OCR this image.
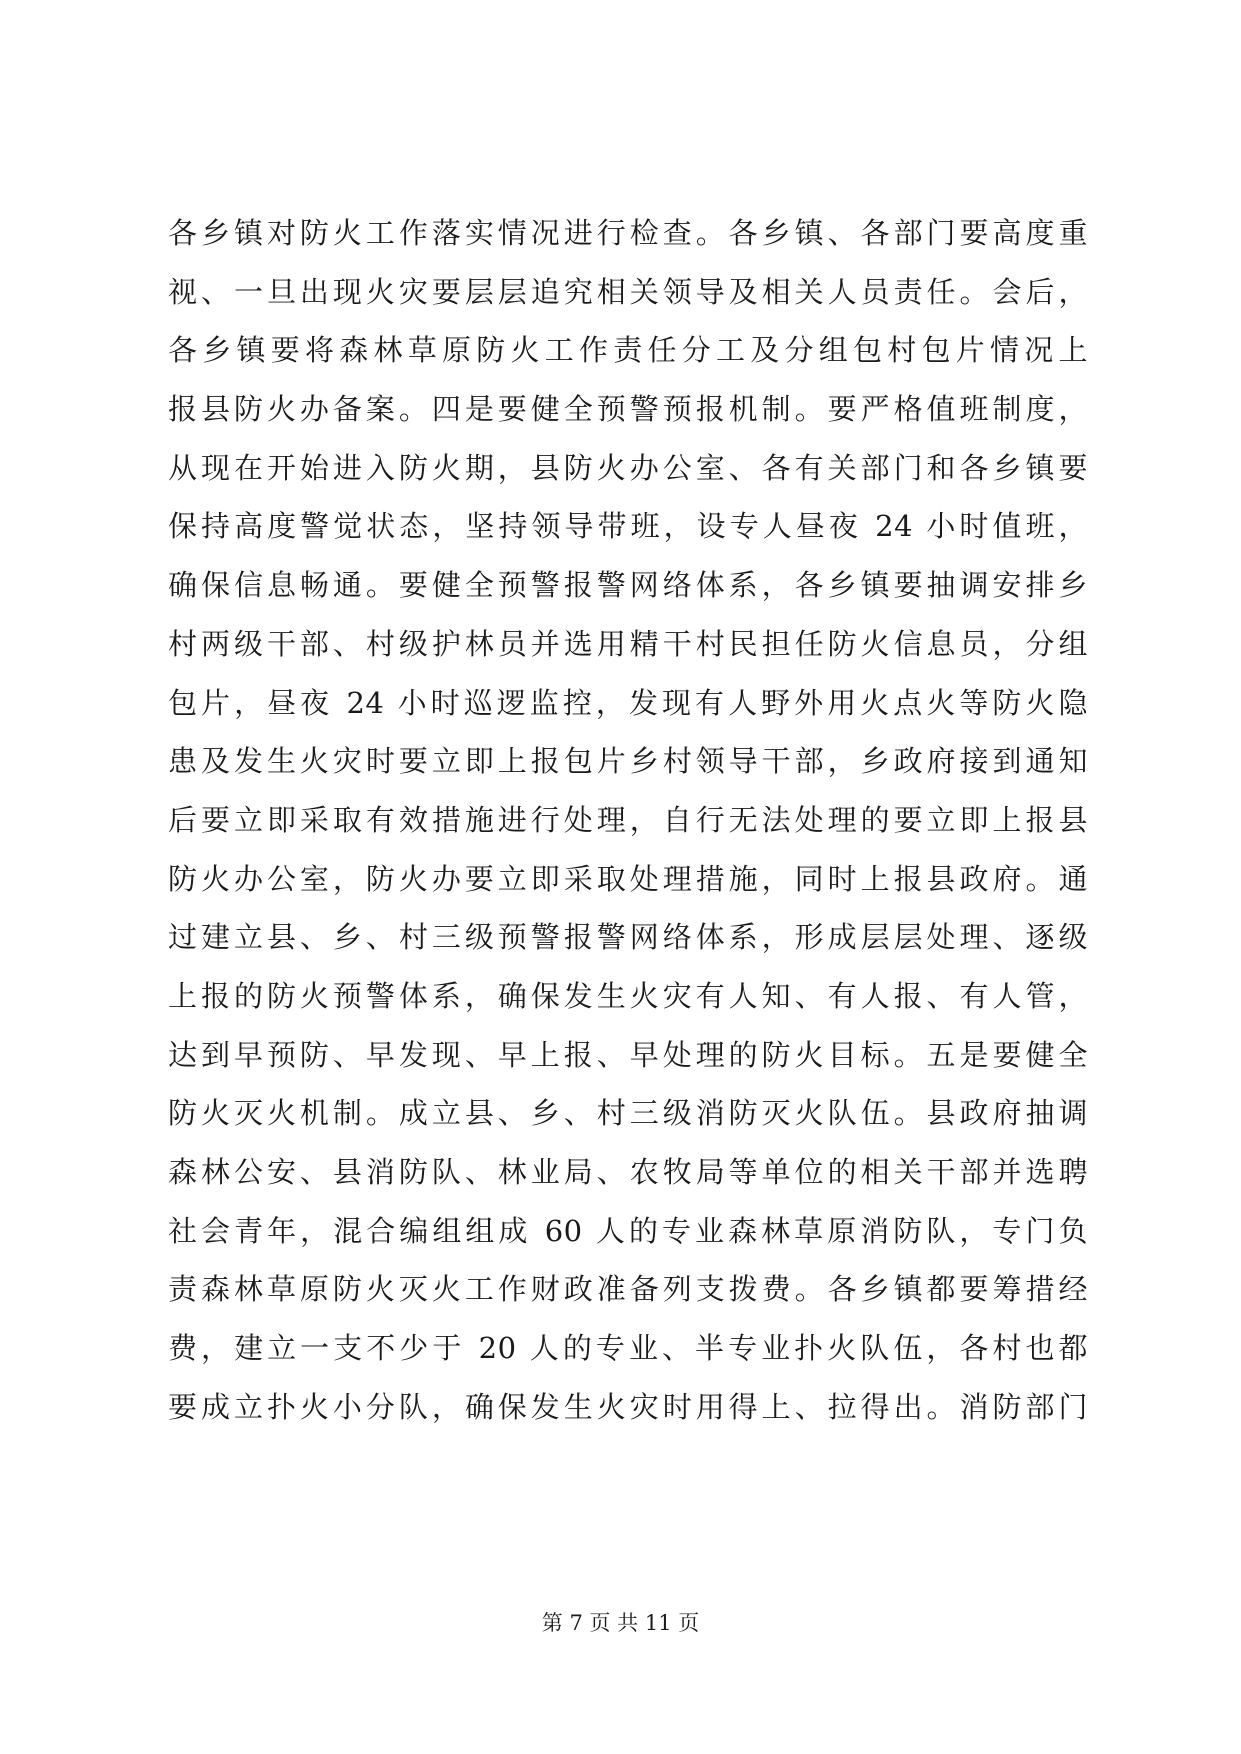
各乡镇对防火工作落实情况进行检查。各乡镇、各部门要高度重
视、一旦出现火灾要层层追究相关领导及相关人员责任。会后，
各乡镇要将森林草原防火工作责任分工及分组包村包片情况上
报县防火办备案。四是要健全预警预报机制。要严格值班制度，
从现在开始进入防火期，县防火办公室、各有关部门和各乡镇要
保持高度警觉状态，坚持领导带班，设专人昼夜 24 小时值班，
确保信息畅通。要健全预警报警网络体系，各乡镇要抽调安排乡
村两级干部、村级护林员并选用精干村民担任防火信息员，分组
包片，昼夜 24 小时巡逻监控，发现有人野外用火点火等防火隐
患及发生火灾时要立即上报包片乡村领导干部，乡政府接到通知
后要立即采取有效措施进行处理，自行无法处理的要立即上报县
防火办公室，防火办要立即采取处理措施，同时上报县政府。通
过建立县、乡、村三级预警报警网络体系，形成层层处理、逐级
上报的防火预警体系，确保发生火灾有人知、有人报、有人管，
达到早预防、早发现、早上报、早处理的防火目标。五是要健全
防火灭火机制。成立县、乡、村三级消防灭火队伍。县政府抽调
森林公安、县消防队、林业局、农牧局等单位的相关干部并选聘
社会青年，混合编组组成 60 人的专业森林草原消防队，专门负
责森林草原防火灭火工作财政准备列支拨费。各乡镇都要筹措经
费，建立一支不少于 20 人的专业、半专业扑火队伍，各村也都
要成立扑火小分队，确保发生火灾时用得上、拉得出。消防部门
第 7 页 共 11 页
